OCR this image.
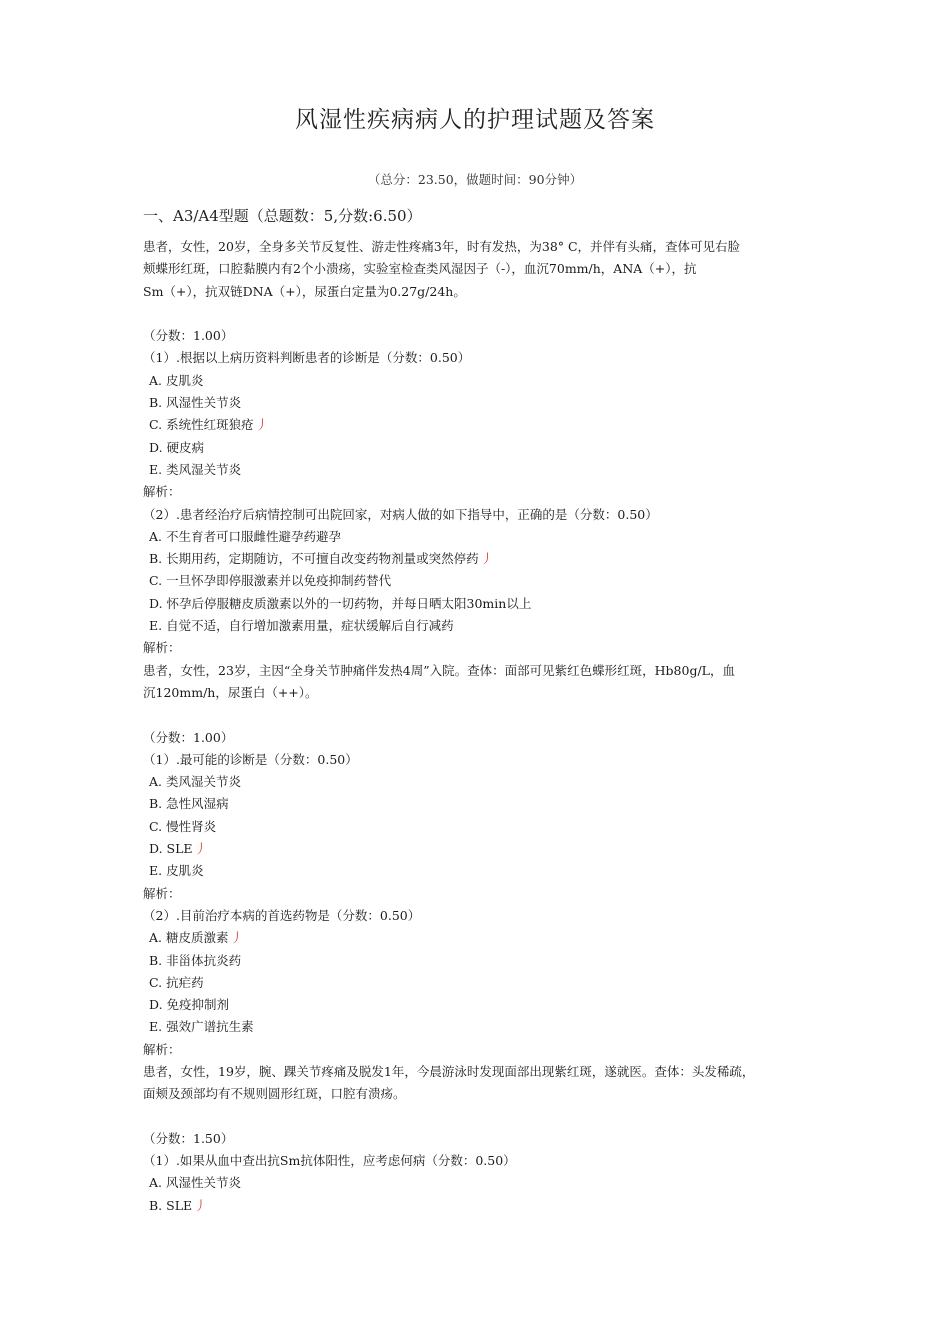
风湿性疾病病人的护理试题及答案
（总分：23.50，做题时间：90分钟）
一、A3/A4型题（总题数：5,分数:6.50）
患者，女性，20岁，全身多关节反复性、游走性疼痛3年，时有发热，为38° C，并伴有头痛，查体可见右脸
颊蝶形红斑，口腔黏膜内有2个小溃疡，实验室检查类风湿因子（-），血沉70mm/h，ANA（+），抗
Sm（+），抗双链DNA（+），尿蛋白定量为0.27g/24h。
（分数：1.00）
（1）.根据以上病历资料判断患者的诊断是（分数：0.50）
A. 皮肌炎
B. 风湿性关节炎
C. 系统性红斑狼疮 丿
D. 硬皮病
E. 类风湿关节炎
解析：
（2）.患者经治疗后病情控制可出院回家，对病人做的如下指导中，正确的是（分数：0.50）
A. 不生育者可口服雌性避孕药避孕
B. 长期用药，定期随访，不可擅自改变药物剂量或突然停药 丿
C. 一旦怀孕即停服激素并以免疫抑制药替代
D. 怀孕后停服糖皮质激素以外的一切药物，并每日晒太阳30min以上
E. 自觉不适，自行增加激素用量，症状缓解后自行减药
解析：
患者，女性，23岁，主因“全身关节肿痛伴发热4周”入院。查体：面部可见紫红色蝶形红斑，Hb80g/L，血
沉120mm/h，尿蛋白（++）。
（分数：1.00）
（1）.最可能的诊断是（分数：0.50）
A. 类风湿关节炎
B. 急性风湿病
C. 慢性肾炎
D. SLE 丿
E. 皮肌炎
解析：
（2）.目前治疗本病的首选药物是（分数：0.50）
A. 糖皮质激素 丿
B. 非甾体抗炎药
C. 抗疟药
D. 免疫抑制剂
E. 强效广谱抗生素
解析：
患者，女性，19岁，腕、踝关节疼痛及脱发1年，今晨游泳时发现面部出现紫红斑，遂就医。查体：头发稀疏，
面颊及颈部均有不规则圆形红斑，口腔有溃疡。
（分数：1.50）
（1）.如果从血中查出抗Sm抗体阳性，应考虑何病（分数：0.50）
A. 风湿性关节炎
B. SLE 丿
